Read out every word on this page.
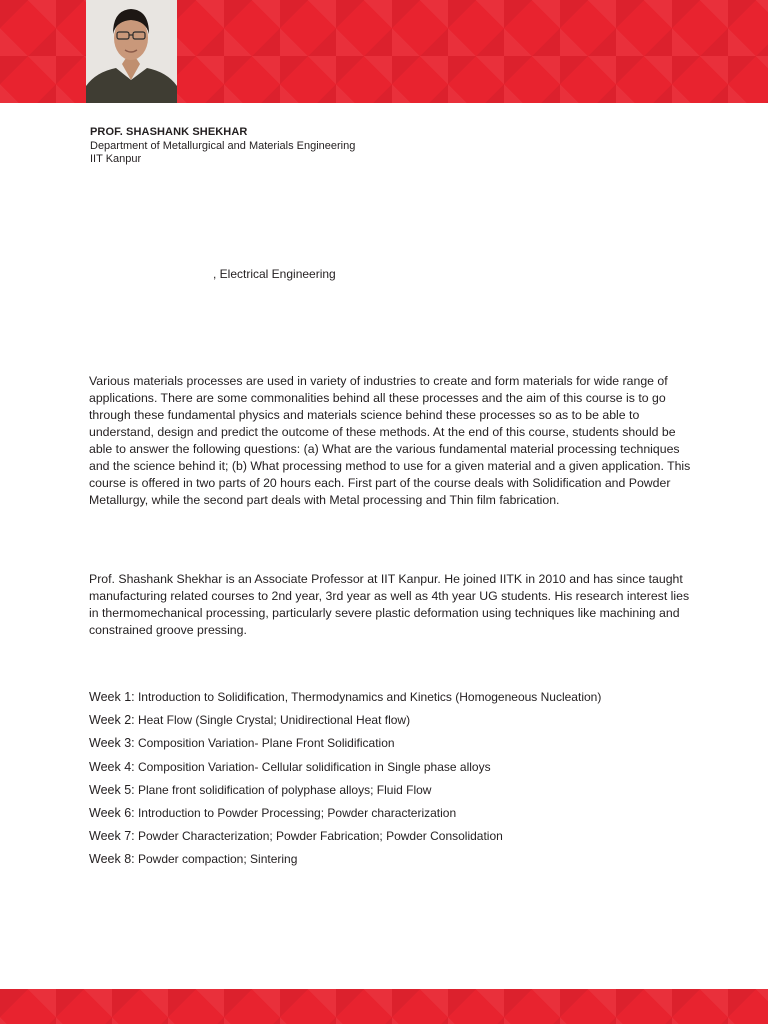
PROF. SHASHANK SHEKHAR
Department of Metallurgical and Materials Engineering
IIT Kanpur
, Electrical Engineering

Various materials processes are used in variety of industries to create and form materials for wide range of applications. There are some commonalities behind all these processes and the aim of this course is to go through these fundamental physics and materials science behind these processes so as to be able to understand, design and predict the outcome of these methods. At the end of this course, students should be able to answer the following questions: (a) What are the various fundamental material processing techniques and the science behind it; (b) What processing method to use for a given material and a given application. This course is offered in two parts of 20 hours each. First part of the course deals with Solidification and Powder Metallurgy, while the second part deals with Metal processing and Thin film fabrication.

Prof. Shashank Shekhar is an Associate Professor at IIT Kanpur. He joined IITK in 2010 and has since taught manufacturing related courses to 2nd year, 3rd year as well as 4th year UG students. His research interest lies in thermomechanical processing, particularly severe plastic deformation using techniques like machining and constrained groove pressing.

Week 1: Introduction to Solidification, Thermodynamics and Kinetics (Homogeneous Nucleation)
Week 2: Heat Flow (Single Crystal; Unidirectional Heat flow)
Week 3: Composition Variation- Plane Front Solidification
Week 4: Composition Variation- Cellular solidification in Single phase alloys
Week 5: Plane front solidification of polyphase alloys; Fluid Flow
Week 6: Introduction to Powder Processing; Powder characterization
Week 7: Powder Characterization; Powder Fabrication; Powder Consolidation
Week 8: Powder compaction; Sintering
